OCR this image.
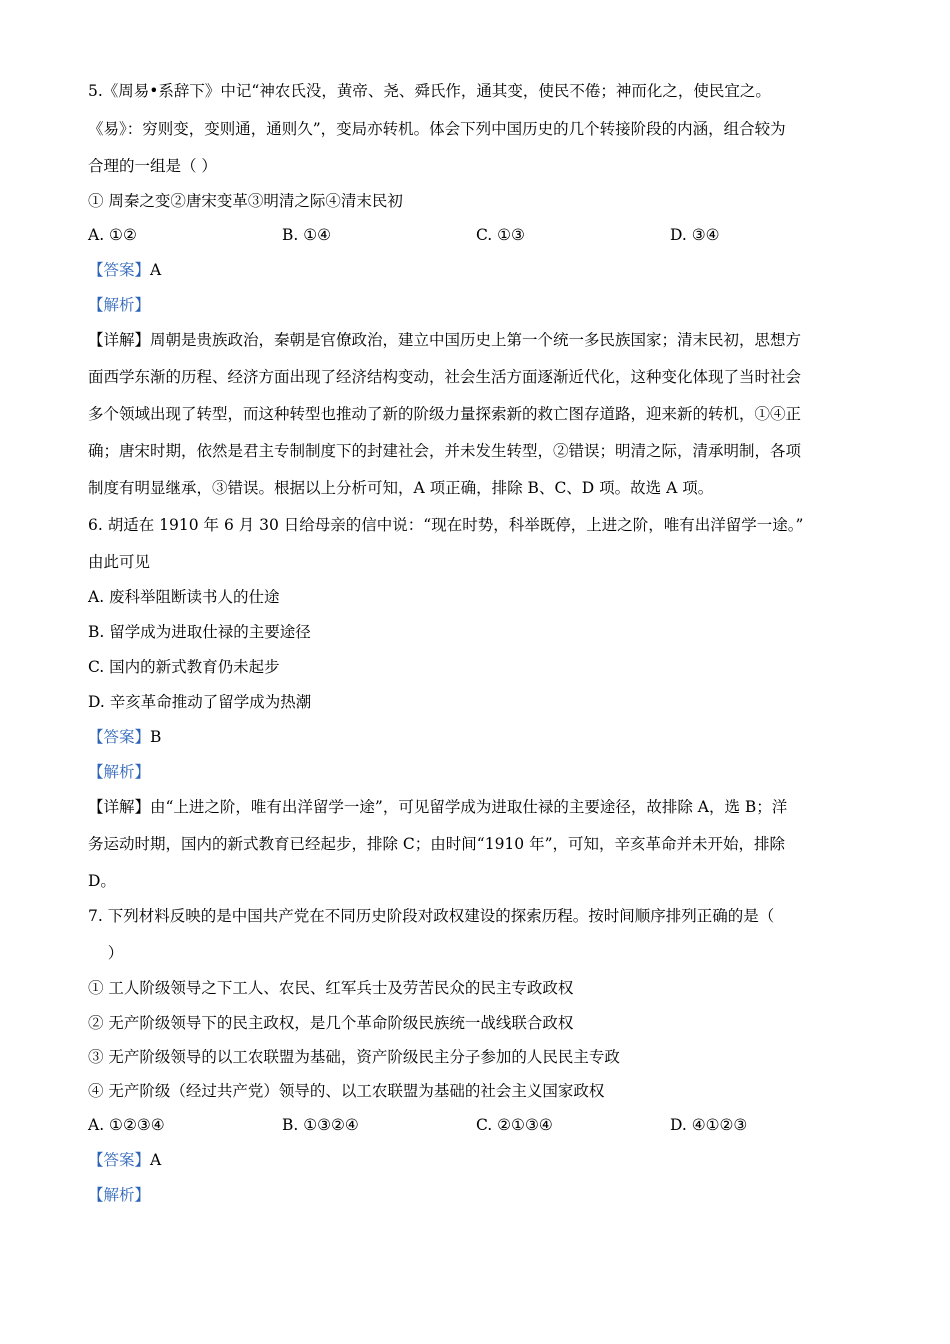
5.《周易•系辞下》中记“神农氏没，黄帝、尧、舜氏作，通其变，使民不倦；神而化之，使民宜之。

《易》：穷则变，变则通，通则久”，变局亦转机。体会下列中国历史的几个转接阶段的内涵，组合较为

合理的一组是（ ）

① 周秦之变②唐宋变革③明清之际④清末民初

A. ①②	B. ①④	C. ①③	D. ③④

【答案】A

【解析】

【详解】周朝是贵族政治，秦朝是官僚政治，建立中国历史上第一个统一多民族国家；清末民初，思想方

面西学东渐的历程、经济方面出现了经济结构变动，社会生活方面逐渐近代化，这种变化体现了当时社会

多个领域出现了转型，而这种转型也推动了新的阶级力量探索新的救亡图存道路，迎来新的转机，①④正

确；唐宋时期，依然是君主专制制度下的封建社会，并未发生转型，②错误；明清之际，清承明制，各项

制度有明显继承，③错误。根据以上分析可知，A 项正确，排除 B、C、D 项。故选 A 项。

6. 胡适在 1910 年 6 月 30 日给母亲的信中说：“现在时势，科举既停，上进之阶，唯有出洋留学一途。”

由此可见

A. 废科举阻断读书人的仕途

B. 留学成为进取仕禄的主要途径

C. 国内的新式教育仍未起步

D. 辛亥革命推动了留学成为热潮

【答案】B

【解析】

【详解】由“上进之阶，唯有出洋留学一途”，可见留学成为进取仕禄的主要途径，故排除 A，选 B；洋

务运动时期，国内的新式教育已经起步，排除 C；由时间“1910 年”，可知，辛亥革命并未开始，排除

D。

7. 下列材料反映的是中国共产党在不同历史阶段对政权建设的探索历程。按时间顺序排列正确的是（

）

① 工人阶级领导之下工人、农民、红军兵士及劳苦民众的民主专政政权

② 无产阶级领导下的民主政权，是几个革命阶级民族统一战线联合政权

③ 无产阶级领导的以工农联盟为基础，资产阶级民主分子参加的人民民主专政

④ 无产阶级（经过共产党）领导的、以工农联盟为基础的社会主义国家政权

A. ①②③④	B. ①③②④	C. ②①③④	D. ④①②③

【答案】A

【解析】
